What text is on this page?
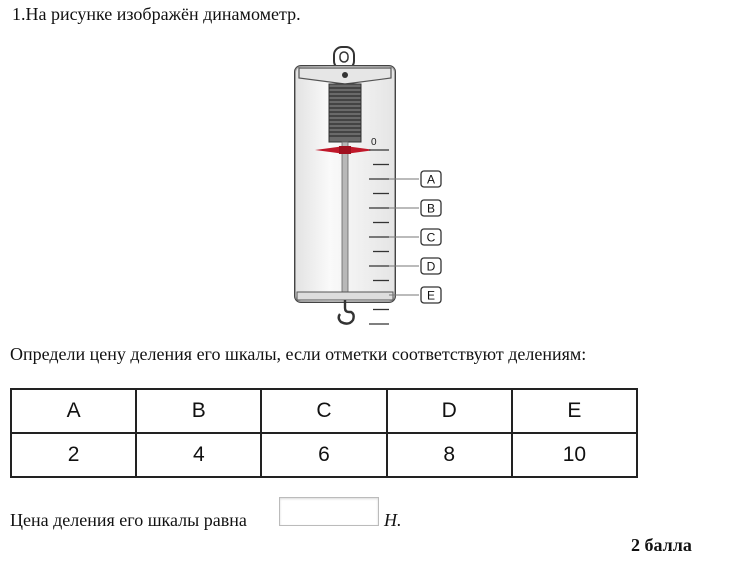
1.На рисунке изображён динамометр.
0
A
B
C
D
E
Определи цену деления его шкалы, если отметки соответствуют делениям:
A	B	C	D	E
2	4	6	8	10
Цена деления его шкалы равна	Н.
2 балла
